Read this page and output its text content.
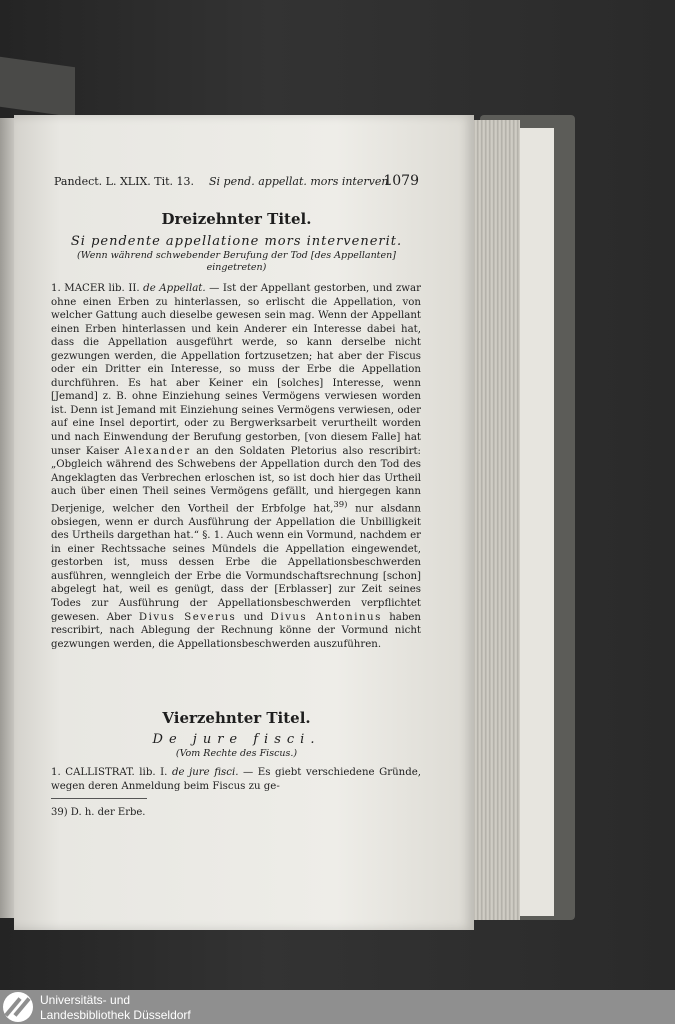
Pandect. L. XLIX. Tit. 13. Si pend. appellat. mors interven.
1079
Dreizehnter Titel.
Si pendente appellatione mors intervenerit.
(Wenn während schwebender Berufung der Tod [des Appellanten]
eingetreten)

1. MACER lib. II. de Appellat. — Ist der Appellant gestorben, und zwar ohne einen Erben zu hinterlassen, so erlischt die Appellation, von welcher Gattung auch dieselbe gewesen sein mag. Wenn der Appellant einen Erben hinterlassen und kein Anderer ein Interesse dabei hat, dass die Appellation ausgeführt werde, so kann derselbe nicht gezwungen werden, die Appellation fortzusetzen; hat aber der Fiscus oder ein Dritter ein Interesse, so muss der Erbe die Appellation durchführen. Es hat aber Keiner ein [solches] Interesse, wenn [Jemand] z. B. ohne Einziehung seines Vermögens verwiesen worden ist. Denn ist Jemand mit Einziehung seines Vermögens verwiesen, oder auf eine Insel deportirt, oder zu Bergwerksarbeit verurtheilt worden und nach Einwendung der Berufung gestorben, [von diesem Falle] hat unser Kaiser Alexander an den Soldaten Pletorius also rescribirt: „Obgleich während des Schwebens der Appellation durch den Tod des Angeklagten das Verbrechen erloschen ist, so ist doch hier das Urtheil auch über einen Theil seines Vermögens gefällt, und hiergegen kann Derjenige, welcher den Vortheil der Erbfolge hat,$^{39)}$ nur alsdann obsiegen, wenn er durch Ausführung der Appellation die Unbilligkeit des Urtheils dargethan hat.“ §. 1. Auch wenn ein Vormund, nachdem er in einer Rechtssache seines Mündels die Appellation eingewendet, gestorben ist, muss dessen Erbe die Appellationsbeschwerden ausführen, wenngleich der Erbe die Vormundschaftsrechnung [schon] abgelegt hat, weil es genügt, dass der [Erblasser] zur Zeit seines Todes zur Ausführung der Appellationsbeschwerden verpflichtet gewesen. Aber Divus Severus und Divus Antoninus haben rescribirt, nach Ablegung der Rechnung könne der Vormund nicht gezwungen werden, die Appellationsbeschwerden auszuführen.

Vierzehnter Titel.
De jure fisci.
(Vom Rechte des Fiscus.)

1. CALLISTRAT. lib. I. de jure fisci. — Es giebt verschiedene Gründe, wegen deren Anmeldung beim Fiscus zu ge-

39) D. h. der Erbe.
Universitäts- und
Landesbibliothek Düsseldorf
